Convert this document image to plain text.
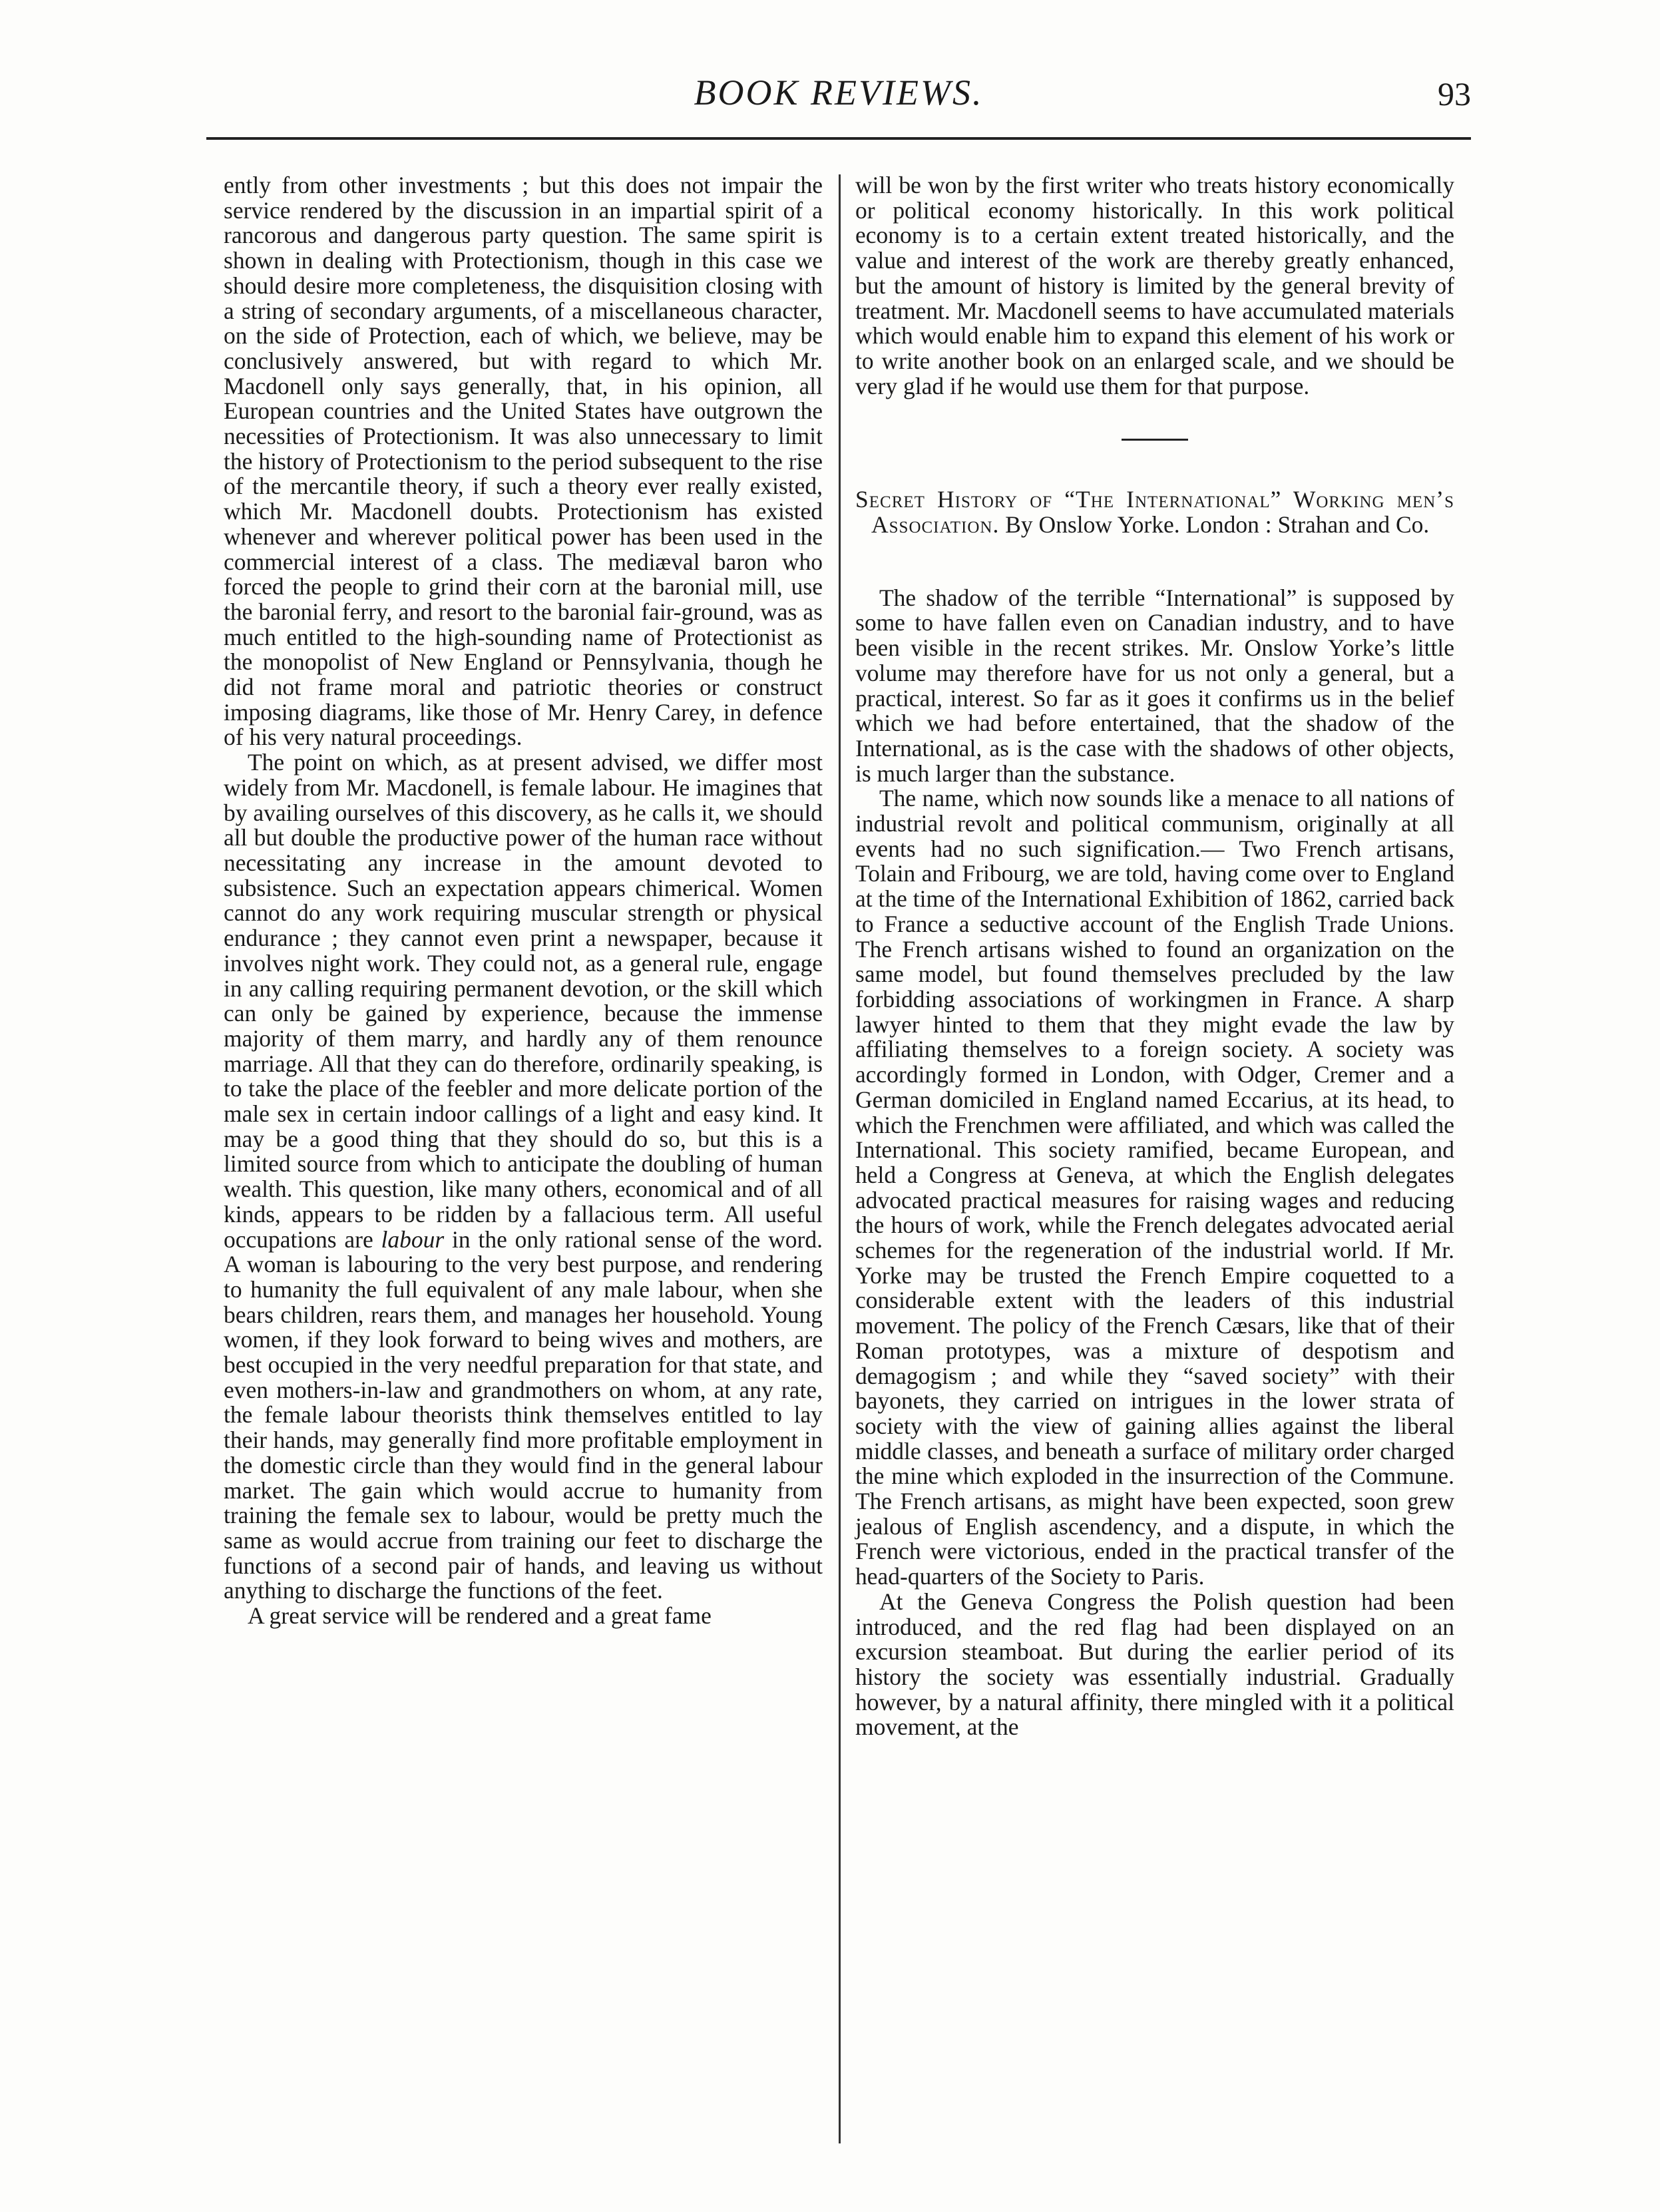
BOOK REVIEWS.	93

ently from other investments ; but this does not impair the service rendered by the discussion in an impartial spirit of a rancorous and dangerous party question. The same spirit is shown in dealing with Protectionism, though in this case we should desire more completeness, the disquisition closing with a string of secondary arguments, of a miscellaneous character, on the side of Protection, each of which, we believe, may be conclusively answered, but with regard to which Mr. Macdonell only says generally, that, in his opinion, all European countries and the United States have outgrown the necessities of Protectionism. It was also unnecessary to limit the history of Protectionism to the period subsequent to the rise of the mercantile theory, if such a theory ever really existed, which Mr. Macdonell doubts. Protectionism has existed whenever and wherever political power has been used in the commercial interest of a class. The mediæval baron who forced the people to grind their corn at the baronial mill, use the baronial ferry, and resort to the baronial fair-ground, was as much entitled to the high-sounding name of Protectionist as the monopolist of New England or Pennsylvania, though he did not frame moral and patriotic theories or construct imposing diagrams, like those of Mr. Henry Carey, in defence of his very natural proceedings.

The point on which, as at present advised, we differ most widely from Mr. Macdonell, is female labour. He imagines that by availing ourselves of this discovery, as he calls it, we should all but double the productive power of the human race without necessitating any increase in the amount devoted to subsistence. Such an expectation appears chimerical. Women cannot do any work requiring muscular strength or physical endurance ; they cannot even print a newspaper, because it involves night work. They could not, as a general rule, engage in any calling requiring permanent devotion, or the skill which can only be gained by experience, because the immense majority of them marry, and hardly any of them renounce marriage. All that they can do therefore, ordinarily speaking, is to take the place of the feebler and more delicate portion of the male sex in certain indoor callings of a light and easy kind. It may be a good thing that they should do so, but this is a limited source from which to anticipate the doubling of human wealth. This question, like many others, economical and of all kinds, appears to be ridden by a fallacious term. All useful occupations are labour in the only rational sense of the word. A woman is labouring to the very best purpose, and rendering to humanity the full equivalent of any male labour, when she bears children, rears them, and manages her household. Young women, if they look forward to being wives and mothers, are best occupied in the very needful preparation for that state, and even mothers-in-law and grandmothers on whom, at any rate, the female labour theorists think themselves entitled to lay their hands, may generally find more profitable employment in the domestic circle than they would find in the general labour market. The gain which would accrue to humanity from training the female sex to labour, would be pretty much the same as would accrue from training our feet to discharge the functions of a second pair of hands, and leaving us without anything to discharge the functions of the feet.

A great service will be rendered and a great fame

will be won by the first writer who treats history economically or political economy historically. In this work political economy is to a certain extent treated historically, and the value and interest of the work are thereby greatly enhanced, but the amount of history is limited by the general brevity of treatment. Mr. Macdonell seems to have accumulated materials which would enable him to expand this element of his work or to write another book on an enlarged scale, and we should be very glad if he would use them for that purpose.

Secret History of “The International” Working men’s Association. By Onslow Yorke. London : Strahan and Co.

The shadow of the terrible “International” is supposed by some to have fallen even on Canadian industry, and to have been visible in the recent strikes. Mr. Onslow Yorke’s little volume may therefore have for us not only a general, but a practical, interest. So far as it goes it confirms us in the belief which we had before entertained, that the shadow of the International, as is the case with the shadows of other objects, is much larger than the substance.

The name, which now sounds like a menace to all nations of industrial revolt and political communism, originally at all events had no such signification.— Two French artisans, Tolain and Fribourg, we are told, having come over to England at the time of the International Exhibition of 1862, carried back to France a seductive account of the English Trade Unions. The French artisans wished to found an organization on the same model, but found themselves precluded by the law forbidding associations of workingmen in France. A sharp lawyer hinted to them that they might evade the law by affiliating themselves to a foreign society. A society was accordingly formed in London, with Odger, Cremer and a German domiciled in England named Eccarius, at its head, to which the Frenchmen were affiliated, and which was called the International. This society ramified, became European, and held a Congress at Geneva, at which the English delegates advocated practical measures for raising wages and reducing the hours of work, while the French delegates advocated aerial schemes for the regeneration of the industrial world. If Mr. Yorke may be trusted the French Empire coquetted to a considerable extent with the leaders of this industrial movement. The policy of the French Cæsars, like that of their Roman prototypes, was a mixture of despotism and demagogism ; and while they “saved society” with their bayonets, they carried on intrigues in the lower strata of society with the view of gaining allies against the liberal middle classes, and beneath a surface of military order charged the mine which exploded in the insurrection of the Commune. The French artisans, as might have been expected, soon grew jealous of English ascendency, and a dispute, in which the French were victorious, ended in the practical transfer of the head-quarters of the Society to Paris.

At the Geneva Congress the Polish question had been introduced, and the red flag had been displayed on an excursion steamboat. But during the earlier period of its history the society was essentially industrial. Gradually however, by a natural affinity, there mingled with it a political movement, at the
